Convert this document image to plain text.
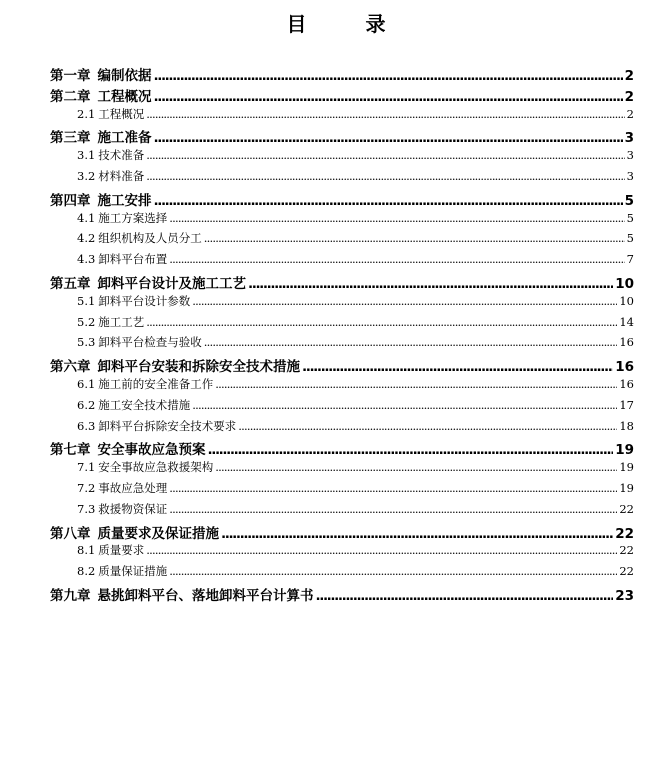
目 录
第一章 编制依据 .....	2
第二章 工程概况 .....	2
2.1 工程概况 .....	2
第三章 施工准备 .....	3
3.1 技术准备 .....	3
3.2 材料准备 .....	3
第四章 施工安排 .....	5
4.1 施工方案选择 .....	5
4.2 组织机构及人员分工 .....	5
4.3 卸料平台布置 .....	7
第五章 卸料平台设计及施工工艺 .....	10
5.1 卸料平台设计参数 .....	10
5.2 施工工艺 .....	14
5.3 卸料平台检查与验收 .....	16
第六章 卸料平台安装和拆除安全技术措施 .....	16
6.1 施工前的安全准备工作 .....	16
6.2 施工安全技术措施 .....	17
6.3 卸料平台拆除安全技术要求 .....	18
第七章 安全事故应急预案 .....	19
7.1 安全事故应急救援架构 .....	19
7.2 事故应急处理 .....	19
7.3 救援物资保证 .....	22
第八章 质量要求及保证措施 .....	22
8.1 质量要求 .....	22
8.2 质量保证措施 .....	22
第九章 悬挑卸料平台、落地卸料平台计算书 .....	23
